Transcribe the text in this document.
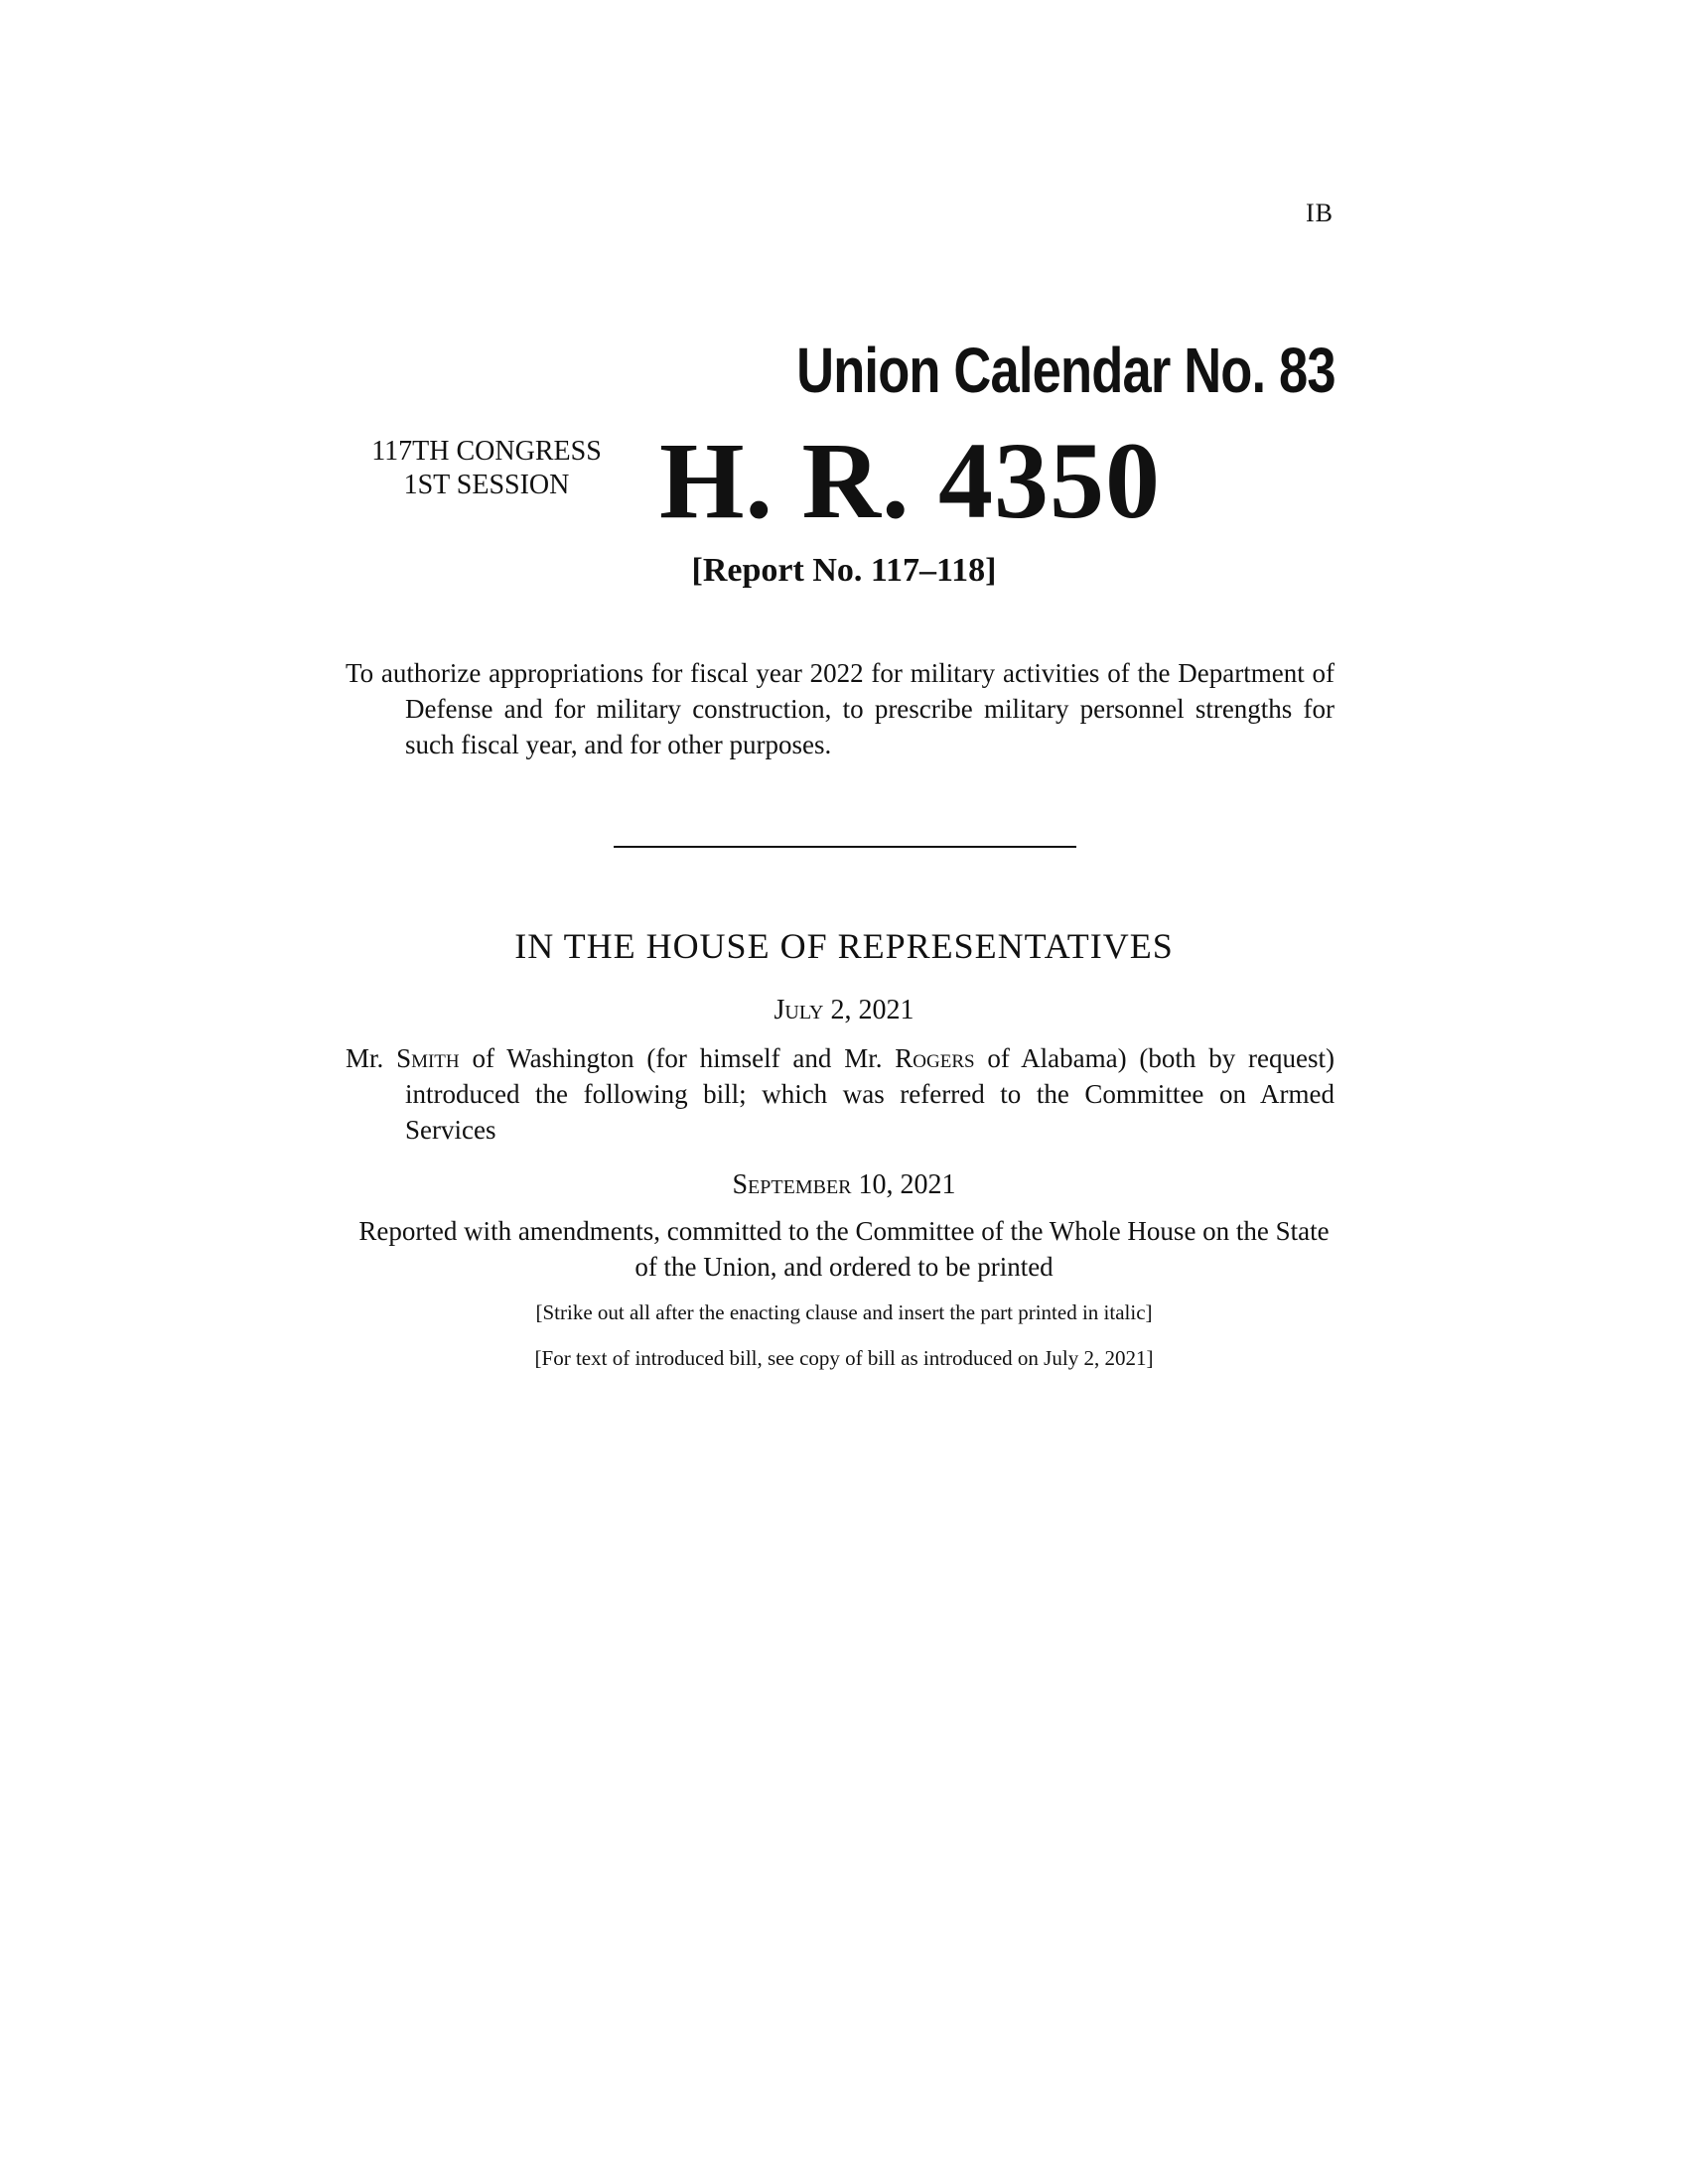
IB
Union Calendar No. 83
117TH CONGRESS
1ST SESSION H. R. 4350
[Report No. 117–118]
To authorize appropriations for fiscal year 2022 for military activities of the Department of Defense and for military construction, to prescribe military personnel strengths for such fiscal year, and for other purposes.
IN THE HOUSE OF REPRESENTATIVES
July 2, 2021
Mr. Smith of Washington (for himself and Mr. Rogers of Alabama) (both by request) introduced the following bill; which was referred to the Committee on Armed Services
September 10, 2021
Reported with amendments, committed to the Committee of the Whole House on the State of the Union, and ordered to be printed
[Strike out all after the enacting clause and insert the part printed in italic]
[For text of introduced bill, see copy of bill as introduced on July 2, 2021]
